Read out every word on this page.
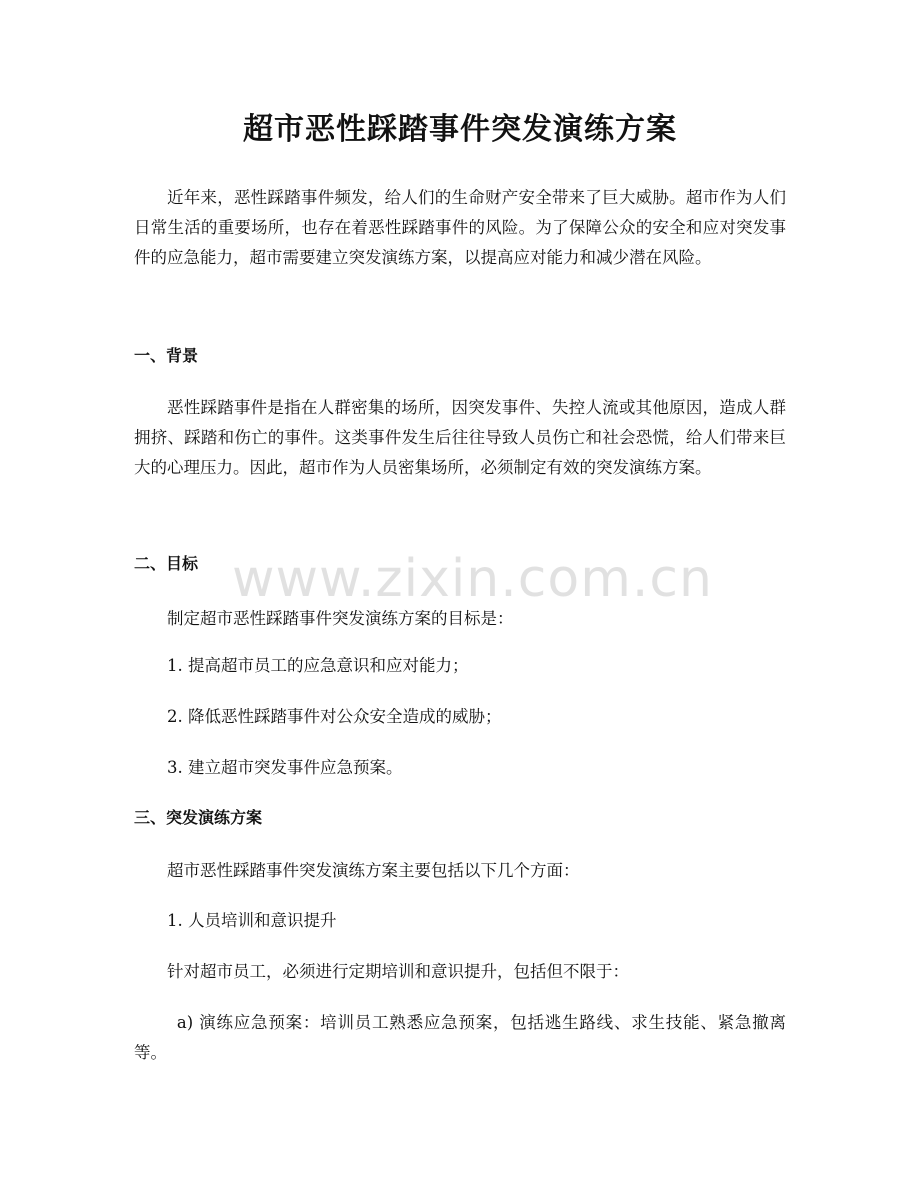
超市恶性踩踏事件突发演练方案

近年来，恶性踩踏事件频发，给人们的生命财产安全带来了巨大威胁。超市作为人们日常生活的重要场所，也存在着恶性踩踏事件的风险。为了保障公众的安全和应对突发事件的应急能力，超市需要建立突发演练方案，以提高应对能力和减少潜在风险。

一、背景

恶性踩踏事件是指在人群密集的场所，因突发事件、失控人流或其他原因，造成人群拥挤、踩踏和伤亡的事件。这类事件发生后往往导致人员伤亡和社会恐慌，给人们带来巨大的心理压力。因此，超市作为人员密集场所，必须制定有效的突发演练方案。

二、目标

制定超市恶性踩踏事件突发演练方案的目标是：

1. 提高超市员工的应急意识和应对能力；

2. 降低恶性踩踏事件对公众安全造成的威胁；

3. 建立超市突发事件应急预案。

三、突发演练方案

超市恶性踩踏事件突发演练方案主要包括以下几个方面：

1. 人员培训和意识提升

针对超市员工，必须进行定期培训和意识提升，包括但不限于：

a) 演练应急预案：培训员工熟悉应急预案，包括逃生路线、求生技能、紧急撤离等。

www.zixin.com.cn
